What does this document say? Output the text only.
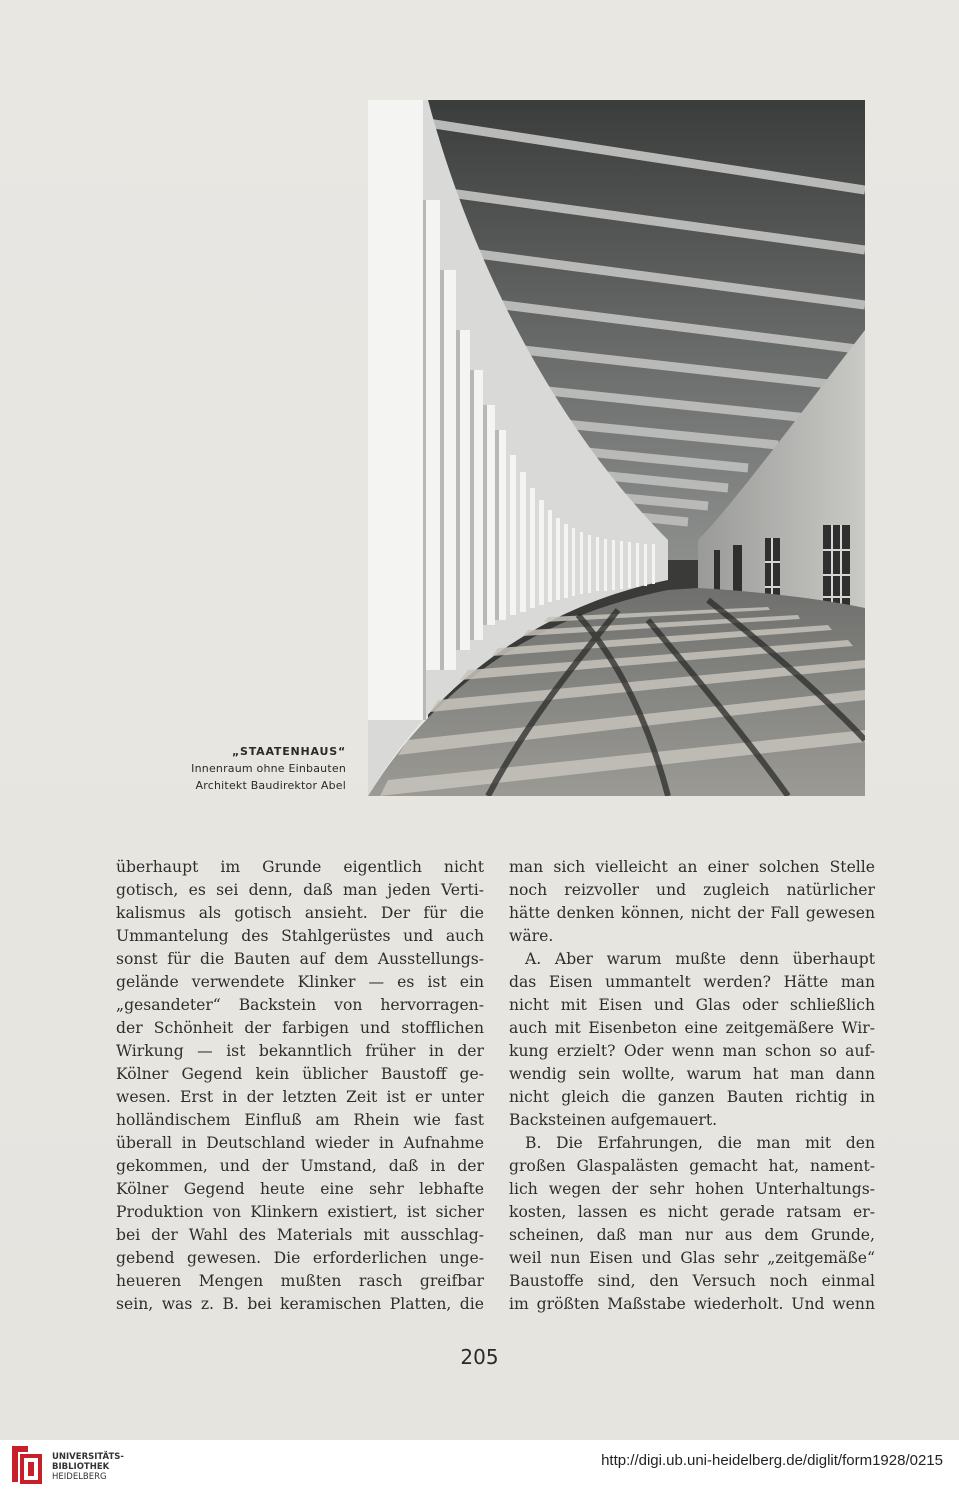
„STAATENHAUS“
Innenraum ohne Einbauten
Architekt Baudirektor Abel
überhaupt im Grunde eigentlich nicht
gotisch, es sei denn, daß man jeden Verti-
kalismus als gotisch ansieht. Der für die
Ummantelung des Stahlgerüstes und auch
sonst für die Bauten auf dem Ausstellungs-
gelände verwendete Klinker — es ist ein
„gesandeter“ Backstein von hervorragen-
der Schönheit der farbigen und stofflichen
Wirkung — ist bekanntlich früher in der
Kölner Gegend kein üblicher Baustoff ge-
wesen. Erst in der letzten Zeit ist er unter
holländischem Einfluß am Rhein wie fast
überall in Deutschland wieder in Aufnahme
gekommen, und der Umstand, daß in der
Kölner Gegend heute eine sehr lebhafte
Produktion von Klinkern existiert, ist sicher
bei der Wahl des Materials mit ausschlag-
gebend gewesen. Die erforderlichen unge-
heueren Mengen mußten rasch greifbar
sein, was z. B. bei keramischen Platten, die
man sich vielleicht an einer solchen Stelle
noch reizvoller und zugleich natürlicher
hätte denken können, nicht der Fall gewesen
wäre.
A. Aber warum mußte denn überhaupt
das Eisen ummantelt werden? Hätte man
nicht mit Eisen und Glas oder schließlich
auch mit Eisenbeton eine zeitgemäßere Wir-
kung erzielt? Oder wenn man schon so auf-
wendig sein wollte, warum hat man dann
nicht gleich die ganzen Bauten richtig in
Backsteinen aufgemauert.
B. Die Erfahrungen, die man mit den
großen Glaspalästen gemacht hat, nament-
lich wegen der sehr hohen Unterhaltungs-
kosten, lassen es nicht gerade ratsam er-
scheinen, daß man nur aus dem Grunde,
weil nun Eisen und Glas sehr „zeitgemäße“
Baustoffe sind, den Versuch noch einmal
im größten Maßstabe wiederholt. Und wenn
205
UNIVERSITÄTS-
BIBLIOTHEK
HEIDELBERG
http://digi.ub.uni-heidelberg.de/diglit/form1928/0215
